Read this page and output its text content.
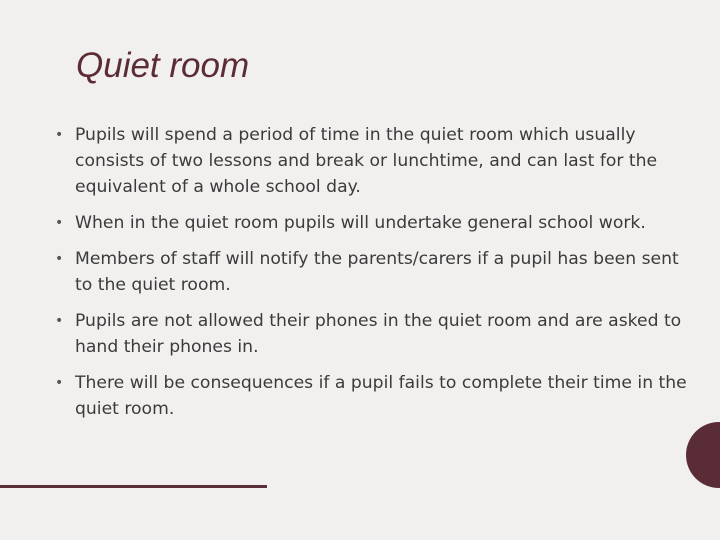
Quiet room
• Pupils will spend a period of time in the quiet room which usually consists of two lessons and break or lunchtime, and can last for the equivalent of a whole school day.
• When in the quiet room pupils will undertake general school work.
• Members of staff will notify the parents/carers if a pupil has been sent to the quiet room.
• Pupils are not allowed their phones in the quiet room and are asked to hand their phones in.
• There will be consequences if a pupil fails to complete their time in the quiet room.
